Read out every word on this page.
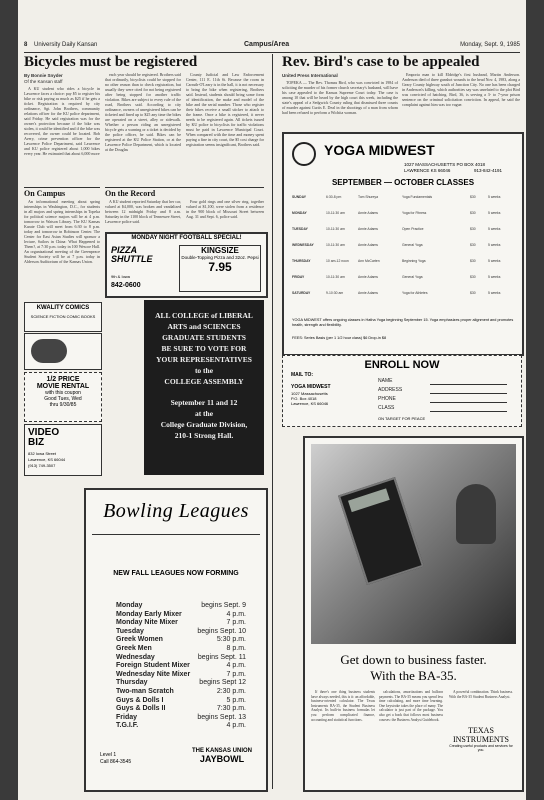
8 University Daily Kansan	Campus/Area	Monday, Sept. 9, 1985
Bicycles must be registered
By Bonnie Snyder
Of the Kansan staff

A KU student who rides a bicycle in Lawrence faces a choice: pay $5 to register his bike or risk paying as much as $25 if he gets a ticket. Registration is required by city ordinance, Sgt. John Brothers, community relations officer for the KU police department, said Friday. He said registration was for the owner's protection because if the bike was stolen, it could be identified and if the bike was recovered, the owner could be located. Bob Avery, crime prevention officer for the Lawrence Police Department, said Lawrence and KU police registered about 1,000 bikes every year. He estimated that about 6,000 more

each year should be registered. Brothers said that ordinarily, bicyclists could be stopped for no other reason than to check registration, but usually they were cited for not being registered after being stopped for another traffic violation. Bikes are subject to every rule of the road, Brothers said. According to city ordinance, owners of unregistered bikes can be ticketed and fined up to $25 any time the bikes are operated on a street, alley or sidewalk. Whether a person riding an unregistered bicycle gets a warning or a ticket is decided by the police officer, he said. Bikes can be registered at the KU Police Station, or at the Lawrence Police Department, which is located at the Douglas

County Judicial and Law Enforcement Center, 111 E. 11th St. Because the room in Carruth-O'Leary is in the hall, it is not necessary to bring the bike when registering, Brothers said. Instead, students should bring some form of identification, the make and model of the bike and the serial number. Those who register their bikes receive a small sticker to attach to the frame. Once a bike is registered, it never needs to be registered again. All tickets issued by KU police to bicyclists for traffic violations must be paid in Lawrence Municipal Court. When compared with the time and money spent paying a fine in city court, the $5 cost charge for registration seems insignificant, Brothers said.

On Campus

An informational meeting about spring internships in Washington, D.C., for students in all majors and spring internships in Topeka for political science majors will be at 4 p.m. tomorrow in Watson Library. The KU Kansas Karate Club will meet from 6:30 to 8 p.m. today and tomorrow in Robinson Center. The Center for East Asian Studies will sponsor a lecture, Sailors in China: What Happened to Them?, at 7:30 p.m. today in 100 Wescoe Hall. An organizational meeting of the Greenpeace Student Society will be at 7 p.m. today in Alderson Auditorium of the Kansas Union.

On the Record

A KU student reported Saturday that her car, valued at $4,000, was broken and vandalized between 12 midnight Friday and 8 a.m. Saturday in the 1100 block of Tennessee Street, Lawrence police said.

Four gold rings and one silver ring, together valued at $1,100, were stolen from a residence in the 900 block of Missouri Street between Aug. 31 and Sept. 6, police said.

MONDAY NIGHT FOOTBALL SPECIAL!
PIZZA SHUTTLE
9th & Iowa
842-0600
KINGSIZE
Double-Topping Pizza and 32oz. Pepsi
7.95
KWALITY COMICS
SCIENCE FICTION COMIC BOOKS
1/2 PRICE
MOVIE RENTAL
with this coupon
Good Tues, Wed
thru 9/30/85
VIDEO BIZ
832 Iowa Street
Lawrence, KS 66044
(913) 749-3507
ALL COLLEGE of LIBERAL
ARTS and SCIENCES
GRADUATE STUDENTS
BE SURE TO VOTE FOR
YOUR REPRESENTATIVES
to the
COLLEGE ASSEMBLY
September 11 and 12
at the
College Graduate Division,
210-1 Strong Hall.
Bowling Leagues
NEW FALL LEAGUES NOW FORMING
Monday	begins Sept. 9
Monday Early Mixer	4 p.m.
Monday Nite Mixer	7 p.m.
Tuesday	begins Sept. 10
Greek Women	5:30 p.m.
Greek Men	8 p.m.
Wednesday	begins Sept. 11
Foreign Student Mixer	4 p.m.
Wednesday Nite Mixer	7 p.m.
Thursday	begins Sept 12
Two-man Scratch	2:30 p.m.
Guys & Dolls I	5 p.m.
Guys & Dolls II	7:30 p.m.
Friday	begins Sept. 13
T.G.I.F.	4 p.m.
Level 1
Call 864-3545
THE KANSAS UNION
JAYBOWL
Rev. Bird's case to be appealed
United Press International

TOPEKA — The Rev. Thomas Bird, who was convicted in 1984 of soliciting the murder of his former church secretary's husband, will have his case appealed to the Kansas Supreme Court today. The case is among 10 that will be heard by the high court this week, including the state's appeal of a Sedgwick County ruling that dismissed three counts of murder against Curtis E. Deal in the shootings of a man from whom had been refused to perform a Wichita woman.

Emporia man to kill Eldridge's first husband, Martin Anderson. Anderson died of three gunshot wounds to the head Nov. 4, 1983, along a Geary County highway south of Junction City. No one has been charged in Anderson's killing, which authorities say was unrelated to the plot Bird was convicted of hatching. Bird, 36, is serving a 3- to 7-year prison sentence on the criminal solicitation conviction. In appeal, he said the complaint against him was too vague.

YOGA MIDWEST
1027 MASSACHUSETTS PO BOX 4018
LAWRENCE KS 66046	913-842-4191
SEPTEMBER — OCTOBER CLASSES
SUNDAY	6:30-8 pm	Tom Shureya	Yoga Fundamentals	$30	5 weeks
MONDAY	10-11:30 am	Annie Adams	Yoga for Fitness	$30	5 weeks
TUESDAY	10-11:30 am	Annie Adams	Open Practice	$30	5 weeks
WEDNESDAY	10-11:30 am	Annie Adams	General Yoga	$30	5 weeks
THURSDAY	10 am-12 noon	Ann McCarten	Beginning Yoga	$30	5 weeks
FRIDAY	10-11:30 am	Annie Adams	General Yoga	$30	5 weeks
SATURDAY	9-10:30 am	Annie Adams	Yoga for Athletes	$30	5 weeks
YOGA MIDWEST offers ongoing classes in Hatha Yoga beginning September 15. Yoga emphasizes proper alignment and promotes health, strength and flexibility.
FEES: Series Basis (per 1 1/2 hour class) $6 Drop-in $8
ENROLL NOW
MAIL TO:
YOGA MIDWEST
1027 Massachusetts
P.O. Box 4018
Lawrence, KS 66046
NAME
ADDRESS
PHONE
CLASS
ON TARGET FOR PEACE
Get down to business faster.
With the BA-35.

If there's one thing business students have always needed, this is it: an affordable, business-oriented calculator. The Texas Instruments BA-35, the Student Business Analyst. Its built-in business formulas let you perform complicated finance, accounting and statistical functions.

calculations, amortizations and balloon payments. The BA-35 means you spend less time calculating, and more time learning. One keystroke takes the place of many. The calculator is just part of the package. You also get a book that follows most business courses: the Business Analyst Guidebook.

A powerful combination. Think business. With the BA-35 Student Business Analyst.

TEXAS
INSTRUMENTS
Creating useful products and services for you.
